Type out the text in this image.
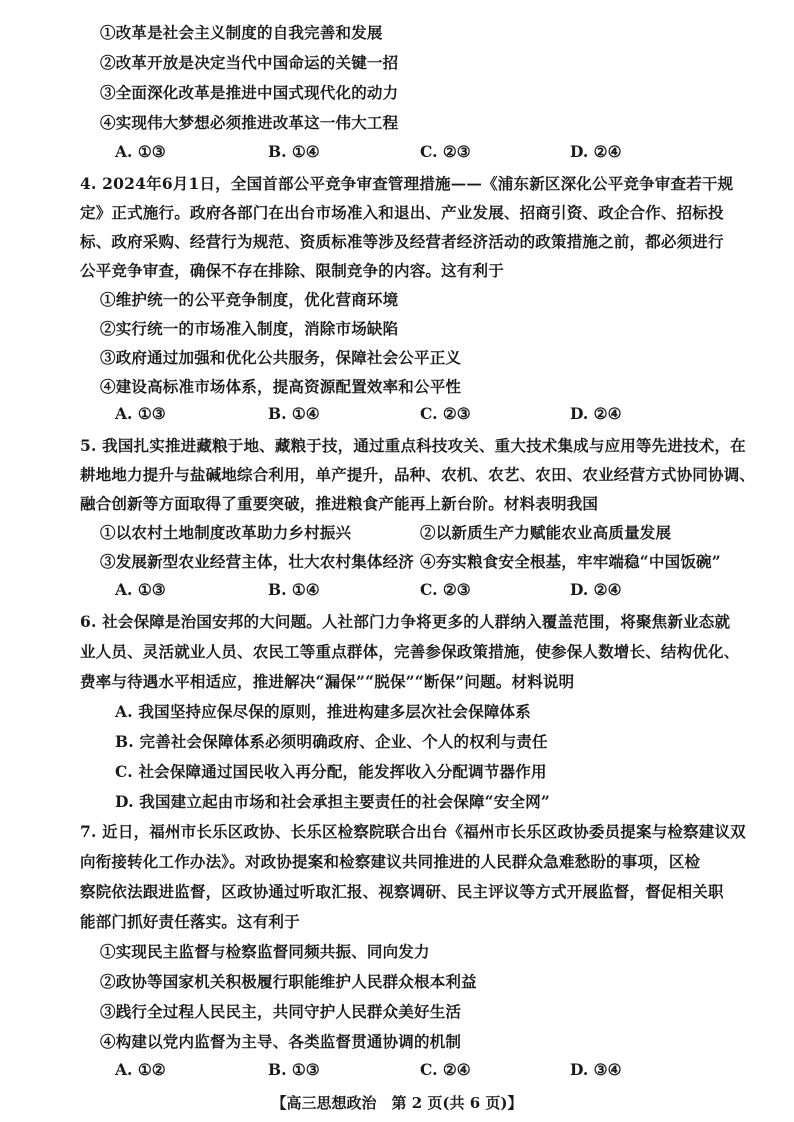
①改革是社会主义制度的自我完善和发展
②改革开放是决定当代中国命运的关键一招
③全面深化改革是推进中国式现代化的动力
④实现伟大梦想必须推进改革这一伟大工程
A. ①③	B. ①④	C. ②③	D. ②④
4. 2024年6月1日，全国首部公平竞争审查管理措施——《浦东新区深化公平竞争审查若干规
定》正式施行。政府各部门在出台市场准入和退出、产业发展、招商引资、政企合作、招标投
标、政府采购、经营行为规范、资质标准等涉及经营者经济活动的政策措施之前，都必须进行
公平竞争审查，确保不存在排除、限制竞争的内容。这有利于
①维护统一的公平竞争制度，优化营商环境
②实行统一的市场准入制度，消除市场缺陷
③政府通过加强和优化公共服务，保障社会公平正义
④建设高标准市场体系，提高资源配置效率和公平性
A. ①③	B. ①④	C. ②③	D. ②④
5. 我国扎实推进藏粮于地、藏粮于技，通过重点科技攻关、重大技术集成与应用等先进技术，在
耕地地力提升与盐碱地综合利用，单产提升，品种、农机、农艺、农田、农业经营方式协同协调、
融合创新等方面取得了重要突破，推进粮食产能再上新台阶。材料表明我国
①以农村土地制度改革助力乡村振兴	②以新质生产力赋能农业高质量发展
③发展新型农业经营主体，壮大农村集体经济 ④夯实粮食安全根基，牢牢端稳“中国饭碗”
A. ①③	B. ①④	C. ②③	D. ②④
6. 社会保障是治国安邦的大问题。人社部门力争将更多的人群纳入覆盖范围，将聚焦新业态就
业人员、灵活就业人员、农民工等重点群体，完善参保政策措施，使参保人数增长、结构优化、
费率与待遇水平相适应，推进解决“漏保”“脱保”“断保”问题。材料说明
A. 我国坚持应保尽保的原则，推进构建多层次社会保障体系
B. 完善社会保障体系必须明确政府、企业、个人的权利与责任
C. 社会保障通过国民收入再分配，能发挥收入分配调节器作用
D. 我国建立起由市场和社会承担主要责任的社会保障“安全网”
7. 近日，福州市长乐区政协、长乐区检察院联合出台《福州市长乐区政协委员提案与检察建议双
向衔接转化工作办法》。对政协提案和检察建议共同推进的人民群众急难愁盼的事项，区检
察院依法跟进监督，区政协通过听取汇报、视察调研、民主评议等方式开展监督，督促相关职
能部门抓好责任落实。这有利于
①实现民主监督与检察监督同频共振、同向发力
②政协等国家机关积极履行职能维护人民群众根本利益
③践行全过程人民民主，共同守护人民群众美好生活
④构建以党内监督为主导、各类监督贯通协调的机制
A. ①②	B. ①③	C. ②④	D. ③④
【高三思想政治　第 2 页(共 6 页)】
